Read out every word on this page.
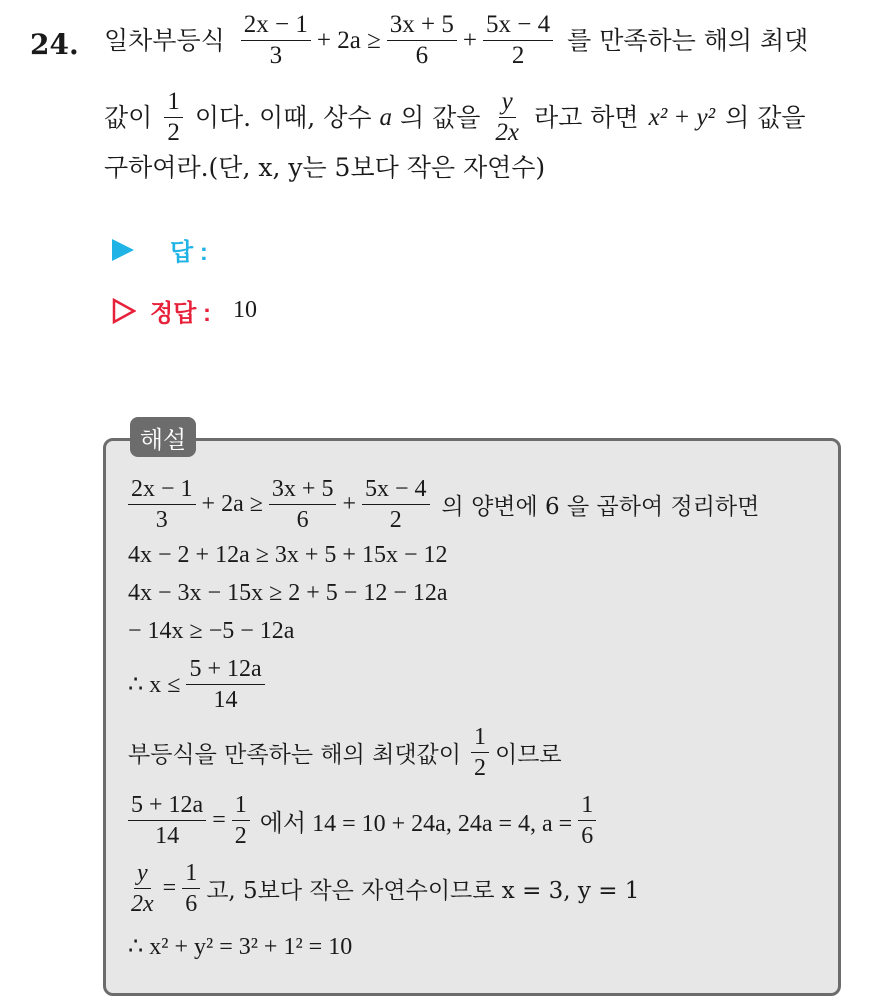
24. 일차부등식 $\frac{2x - 1}{3} + 2a \ge \frac{3x + 5}{6} + \frac{5x - 4}{2}$ 를 만족하는 해의 최댓
값이 $\frac{1}{2}$ 이다. 이때, 상수 a 의 값을 $\frac{y}{2x}$ 라고 하면 x² + y² 의 값을
구하여라.(단, x, y는 5보다 작은 자연수)
답 :
정답 : 10
해설
$\frac{2x - 1}{3} + 2a \ge \frac{3x + 5}{6} + \frac{5x - 4}{2}$ 의 양변에 6 을 곱하여 정리하면
4x − 2 + 12a ≥ 3x + 5 + 15x − 12
4x − 3x − 15x ≥ 2 + 5 − 12 − 12a
− 14x ≥ −5 − 12a
∴ $x \le \frac{5 + 12a}{14}$
부등식을 만족하는 해의 최댓값이 $\frac{1}{2}$ 이므로
$\frac{5 + 12a}{14} = \frac{1}{2}$ 에서 14 = 10 + 24a, 24a = 4, $a = \frac{1}{6}$
$\frac{y}{2x} = \frac{1}{6}$ 고, 5보다 작은 자연수이므로 x = 3, y = 1
∴ x² + y² = 3² + 1² = 10
